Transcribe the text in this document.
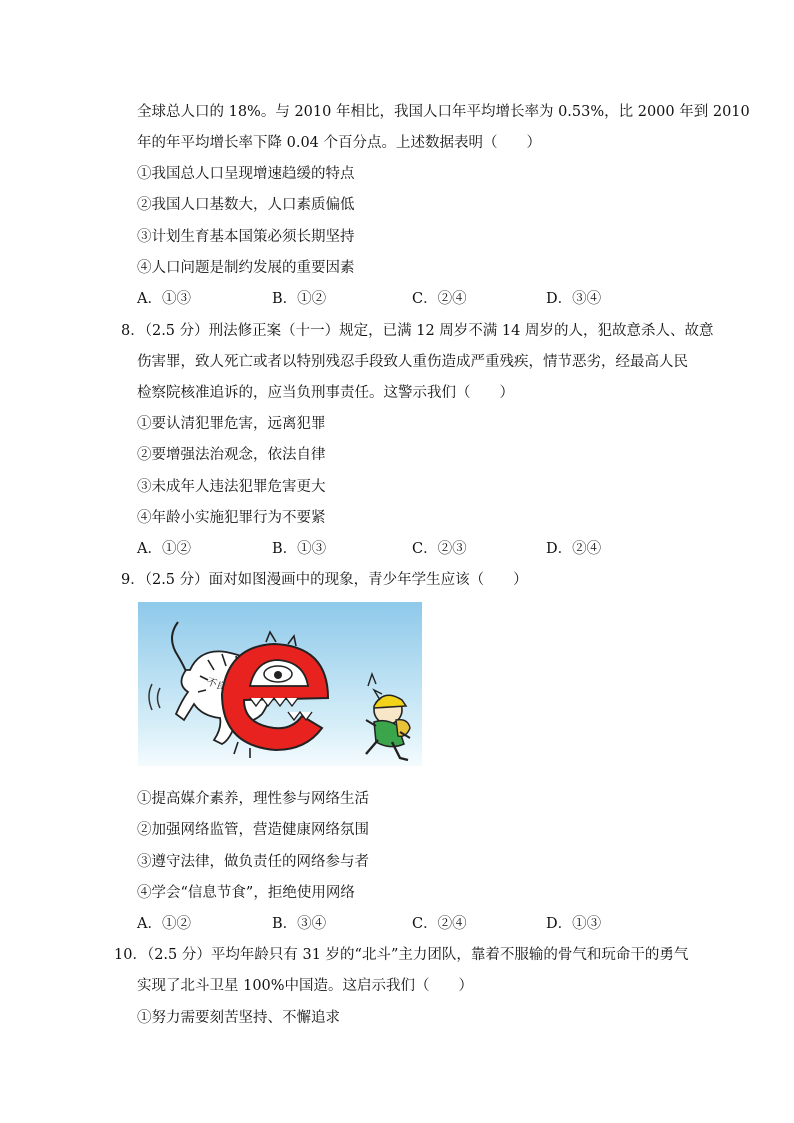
全球总人口的 18%。与 2010 年相比，我国人口年平均增长率为 0.53%，比 2000 年到 2010
年的年平均增长率下降 0.04 个百分点。上述数据表明（　　）
①我国总人口呈现增速趋缓的特点
②我国人口基数大，人口素质偏低
③计划生育基本国策必须长期坚持
④人口问题是制约发展的重要因素
A．①③	B．①②	C．②④	D．③④
8．（2.5 分）刑法修正案（十一）规定，已满 12 周岁不满 14 周岁的人，犯故意杀人、故意
伤害罪，致人死亡或者以特别残忍手段致人重伤造成严重残疾，情节恶劣，经最高人民
检察院核准追诉的，应当负刑事责任。这警示我们（　　）
①要认清犯罪危害，远离犯罪
②要增强法治观念，依法自律
③未成年人违法犯罪危害更大
④年龄小实施犯罪行为不要紧
A．①②	B．①③	C．②③	D．②④
9．（2.5 分）面对如图漫画中的现象，青少年学生应该（　　）
①提高媒介素养，理性参与网络生活
②加强网络监管，营造健康网络氛围
③遵守法律，做负责任的网络参与者
④学会“信息节食”，拒绝使用网络
A．①②	B．③④	C．②④	D．①③
10．（2.5 分）平均年龄只有 31 岁的“北斗”主力团队，靠着不服输的骨气和玩命干的勇气
实现了北斗卫星 100%中国造。这启示我们（　　）
①努力需要刻苦坚持、不懈追求
